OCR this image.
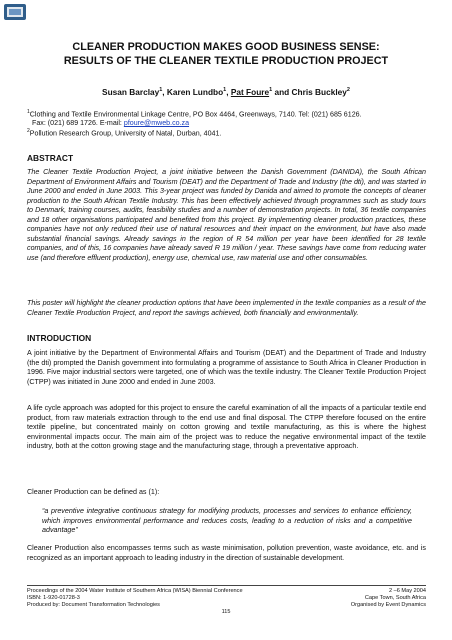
CLEANER PRODUCTION MAKES GOOD BUSINESS SENSE:
RESULTS OF THE CLEANER TEXTILE PRODUCTION PROJECT
Susan Barclay$^1$, Karen Lundbo$^1$, Pat Foure$^1$ and Chris Buckley$^2$
$^1$Clothing and Textile Environmental Linkage Centre, PO Box 4464, Greenways, 7140. Tel: (021) 685 6126.
Fax: (021) 689 1726. E-mail: pfoure@mweb.co.za
$^2$Pollution Research Group, University of Natal, Durban, 4041.
ABSTRACT

The Cleaner Textile Production Project, a joint initiative between the Danish Government (DANIDA), the South African Department of Environment Affairs and Tourism (DEAT) and the Department of Trade and Industry (the dti), and was started in June 2000 and ended in June 2003. This 3-year project was funded by Danida and aimed to promote the concepts of cleaner production to the South African Textile Industry. This has been effectively achieved through programmes such as study tours to Denmark, training courses, audits, feasibility studies and a number of demonstration projects. In total, 36 textile companies and 18 other organisations participated and benefited from this project. By implementing cleaner production practices, these companies have not only reduced their use of natural resources and their impact on the environment, but have also made substantial financial savings. Already savings in the region of R 54 million per year have been identified for 28 textile companies, and of this, 16 companies have already saved R 19 million / year. These savings have come from reducing water use (and therefore effluent production), energy use, chemical use, raw material use and other consumables.

This poster will highlight the cleaner production options that have been implemented in the textile companies as a result of the Cleaner Textile Production Project, and report the savings achieved, both financially and environmentally.

INTRODUCTION

A joint initiative by the Department of Environmental Affairs and Tourism (DEAT) and the Department of Trade and Industry (the dti) prompted the Danish government into formulating a programme of assistance to South Africa in Cleaner Production in 1996. Five major industrial sectors were targeted, one of which was the textile industry. The Cleaner Textile Production Project (CTPP) was initiated in June 2000 and ended in June 2003.

A life cycle approach was adopted for this project to ensure the careful examination of all the impacts of a particular textile end product, from raw materials extraction through to the end use and final disposal. The CTPP therefore focused on the entire textile pipeline, but concentrated mainly on cotton growing and textile manufacturing, as this is where the highest environmental impacts occur. The main aim of the project was to reduce the negative environmental impact of the textile industry, both at the cotton growing stage and the manufacturing stage, through a preventative approach.

Cleaner Production can be defined as (1):

“a preventive integrative continuous strategy for modifying products, processes and services to enhance efficiency, which improves environmental performance and reduces costs, leading to a reduction of risks and a competitive advantage”

Cleaner Production also encompasses terms such as waste minimisation, pollution prevention, waste avoidance, etc. and is recognized as an important approach to leading industry in the direction of sustainable development.

Proceedings of the 2004 Water Institute of Southern Africa (WISA) Biennial Conference	2 –6 May 2004
ISBN: 1-920-01728-3	Cape Town, South Africa
Produced by: Document Transformation Technologies	Organised by Event Dynamics
115
